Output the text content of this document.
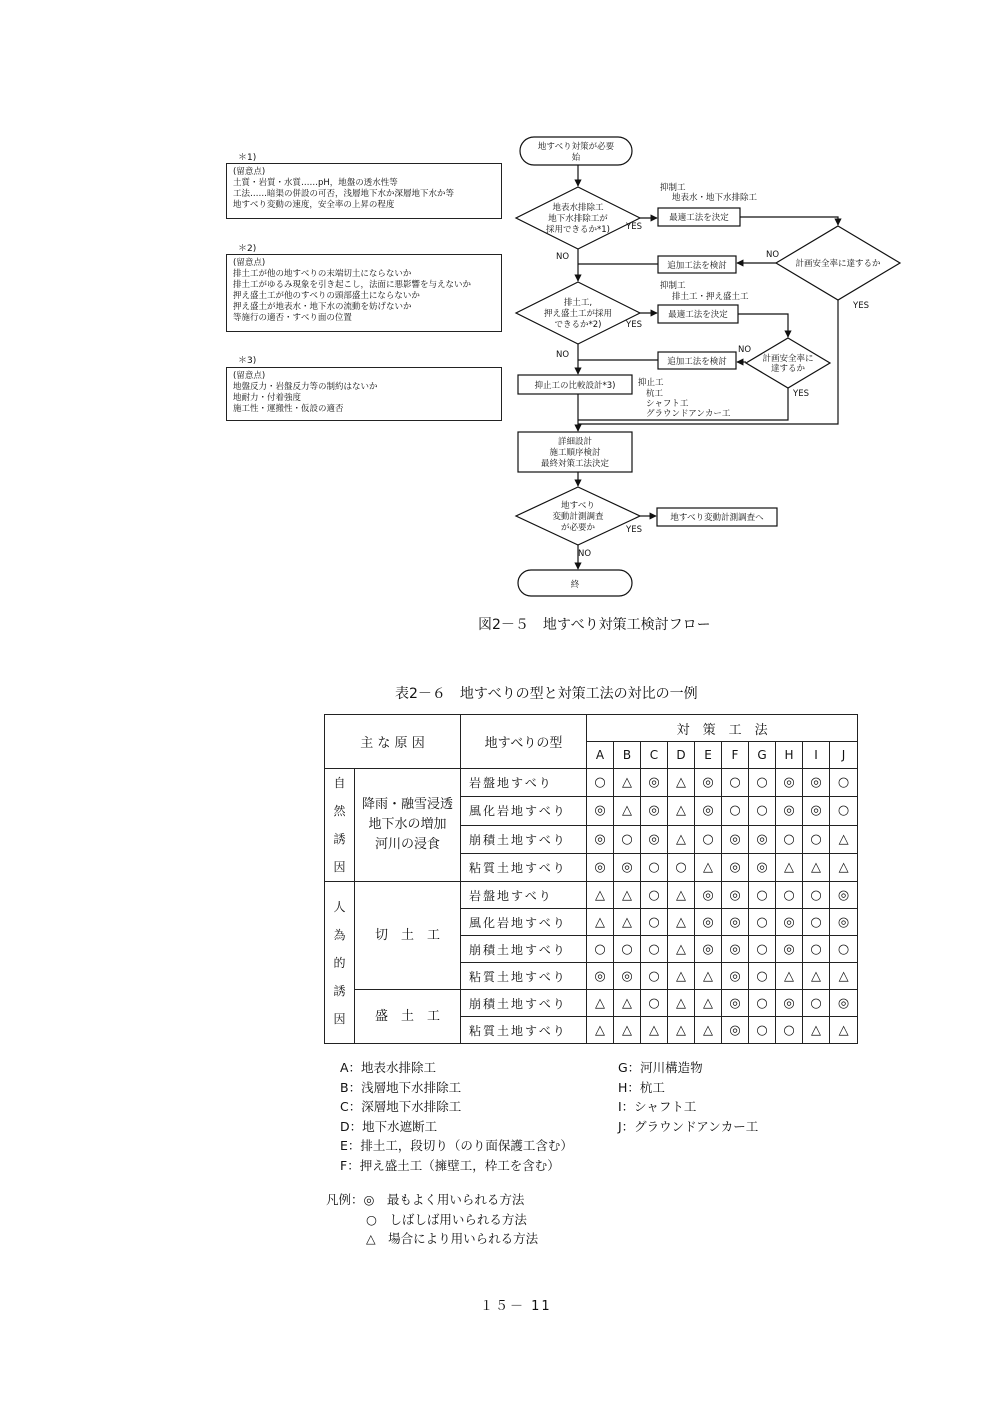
＊1)
(留意点)
土質・岩質・水質……pH，地盤の透水性等
工法……暗渠の併設の可否，浅層地下水か深層地下水か等
地すべり変動の速度，安全率の上昇の程度
＊2)
(留意点)
排土工が他の地すべりの末端切土にならないか
排土工がゆるみ現象を引き起こし，法面に悪影響を与えないか
押え盛土工が他のすべりの頭部盛土にならないか
押え盛土が地表水・地下水の流動を妨げないか
等施行の適否・すべり面の位置
＊3)
(留意点)
地盤反力・岩盤反力等の制約はないか
地耐力・付着強度
施工性・運搬性・仮設の適否
地すべり対策が必要
始
地表水排除工
地下水排除工が
採用できるか*1)
最適工法を決定
計画安全率に達するか
追加工法を検討
排土工,
押え盛土工が採用
できるか*2)
最適工法を決定
計画安全率に
達するか
追加工法を検討
抑止工の比較設計*3)
詳細設計
施工順序検討
最終対策工法決定
地すべり
変動計測調査
が必要か
地すべり変動計測調査へ
終
抑制工
地表水・地下水排除工
抑制工
排土工・押え盛土工
抑止工
杭工
シャフト工
グラウンドアンカー工
YES
NO	NO
YES
YES
NO	NO
YES
YES
NO
図2－５　地すべり対策工検討フロー
表2－６　地すべりの型と対策工法の対比の一例
主 な 原 因		地すべりの型	対　策　工　法									
			A	B	C	D	E	F	G	H	I	J

自
然
誘
因	降雨・融雪浸透
地下水の増加
河川の浸食	岩盤地すべり	○	△	◎	△	◎	○	○	◎	◎	○
		風化岩地すべり	◎	△	◎	△	◎	○	○	◎	◎	○
		崩積土地すべり	◎	○	◎	△	○	◎	◎	○	○	△
		粘質土地すべり	◎	◎	○	○	△	◎	◎	△	△	△

人
為
的
誘
因	切　土　工	岩盤地すべり	△	△	○	△	◎	◎	○	○	○	◎
		風化岩地すべり	△	△	○	△	◎	◎	○	◎	○	◎
		崩積土地すべり	○	○	○	△	◎	◎	○	◎	○	○
		粘質土地すべり	◎	◎	○	△	△	◎	○	△	△	△

	盛　土　工	崩積土地すべり	△	△	○	△	△	◎	○	◎	○	◎
		粘質土地すべり	△	△	△	△	△	◎	○	○	△	△
A：地表水排除工
B：浅層地下水排除工
C：深層地下水排除工
D：地下水遮断工
E：排土工，段切り（のり面保護工含む）
F：押え盛土工（擁壁工，枠工を含む）
G：河川構造物
H：杭工
I：シャフト工
J：グラウンドアンカー工
凡例：◎　最もよく用いられる方法
○　しばしば用いられる方法
△　場合により用いられる方法
１５－ 11
